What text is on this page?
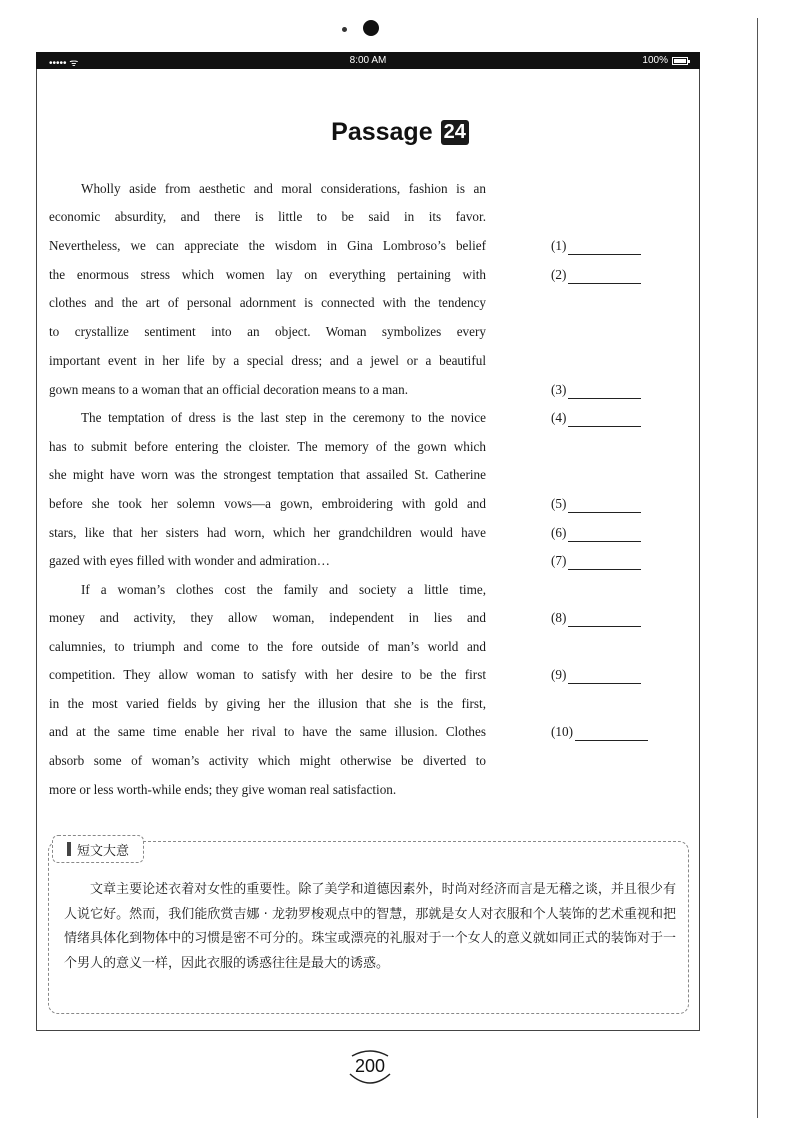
••••• ᯤ	8:00 AM	100%
Passage 24
Wholly aside from aesthetic and moral considerations, fashion is an
economic absurdity, and there is little to be said in its favor.
Nevertheless, we can appreciate the wisdom in Gina Lombroso’s belief
the enormous stress which women lay on everything pertaining with
clothes and the art of personal adornment is connected with the tendency
to crystallize sentiment into an object. Woman symbolizes every
important event in her life by a special dress; and a jewel or a beautiful
gown means to a woman that an official decoration means to a man.
The temptation of dress is the last step in the ceremony to the novice
has to submit before entering the cloister. The memory of the gown which
she might have worn was the strongest temptation that assailed St. Catherine
before she took her solemn vows—a gown, embroidering with gold and
stars, like that her sisters had worn, which her grandchildren would have
gazed with eyes filled with wonder and admiration…
If a woman’s clothes cost the family and society a little time,
money and activity, they allow woman, independent in lies and
calumnies, to triumph and come to the fore outside of man’s world and
competition. They allow woman to satisfy with her desire to be the first
in the most varied fields by giving her the illusion that she is the first,
and at the same time enable her rival to have the same illusion. Clothes
absorb some of woman’s activity which might otherwise be diverted to
more or less worth-while ends; they give woman real satisfaction.
(1)
(2)
(3)
(4)
(5)
(6)
(7)
(8)
(9)
(10)
短文大意
文章主要论述衣着对女性的重要性。除了美学和道德因素外，时尚对经济而言是无稽之谈，并且很少有人说它好。然而，我们能欣赏吉娜 · 龙勃罗梭观点中的智慧，那就是女人对衣服和个人装饰的艺术重视和把情绪具体化到物体中的习惯是密不可分的。珠宝或漂亮的礼服对于一个女人的意义就如同正式的装饰对于一个男人的意义一样，因此衣服的诱惑往往是最大的诱惑。
200
